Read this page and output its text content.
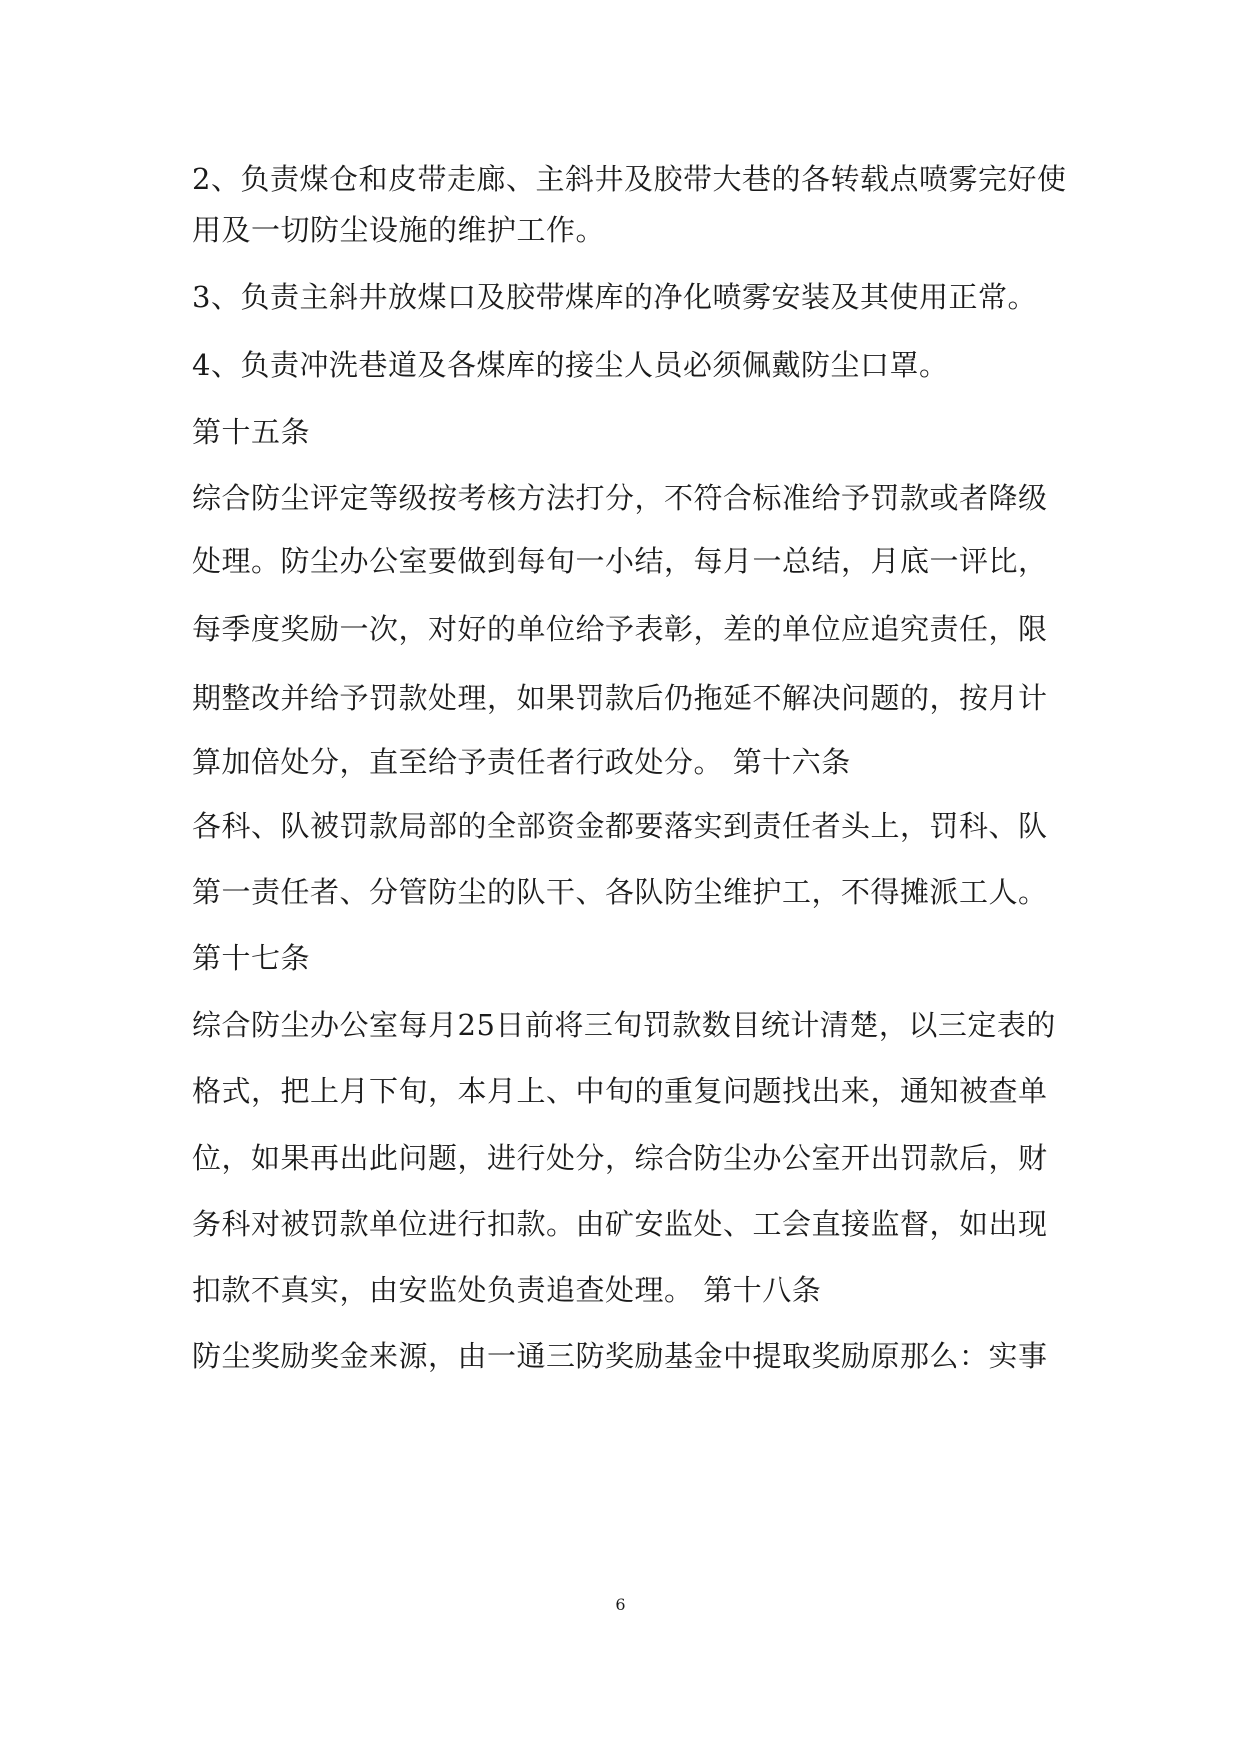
2、负责煤仓和皮带走廊、主斜井及胶带大巷的各转载点喷雾完好使
用及一切防尘设施的维护工作。
3、负责主斜井放煤口及胶带煤库的净化喷雾安装及其使用正常。
4、负责冲洗巷道及各煤库的接尘人员必须佩戴防尘口罩。
第十五条
综合防尘评定等级按考核方法打分，不符合标准给予罚款或者降级
处理。防尘办公室要做到每旬一小结，每月一总结，月底一评比，
每季度奖励一次，对好的单位给予表彰，差的单位应追究责任，限
期整改并给予罚款处理，如果罚款后仍拖延不解决问题的，按月计
算加倍处分，直至给予责任者行政处分。 第十六条
各科、队被罚款局部的全部资金都要落实到责任者头上，罚科、队
第一责任者、分管防尘的队干、各队防尘维护工，不得摊派工人。
第十七条
综合防尘办公室每月25日前将三旬罚款数目统计清楚，以三定表的
格式，把上月下旬，本月上、中旬的重复问题找出来，通知被查单
位，如果再出此问题，进行处分，综合防尘办公室开出罚款后，财
务科对被罚款单位进行扣款。由矿安监处、工会直接监督，如出现
扣款不真实，由安监处负责追查处理。 第十八条
防尘奖励奖金来源，由一通三防奖励基金中提取奖励原那么：实事
6
